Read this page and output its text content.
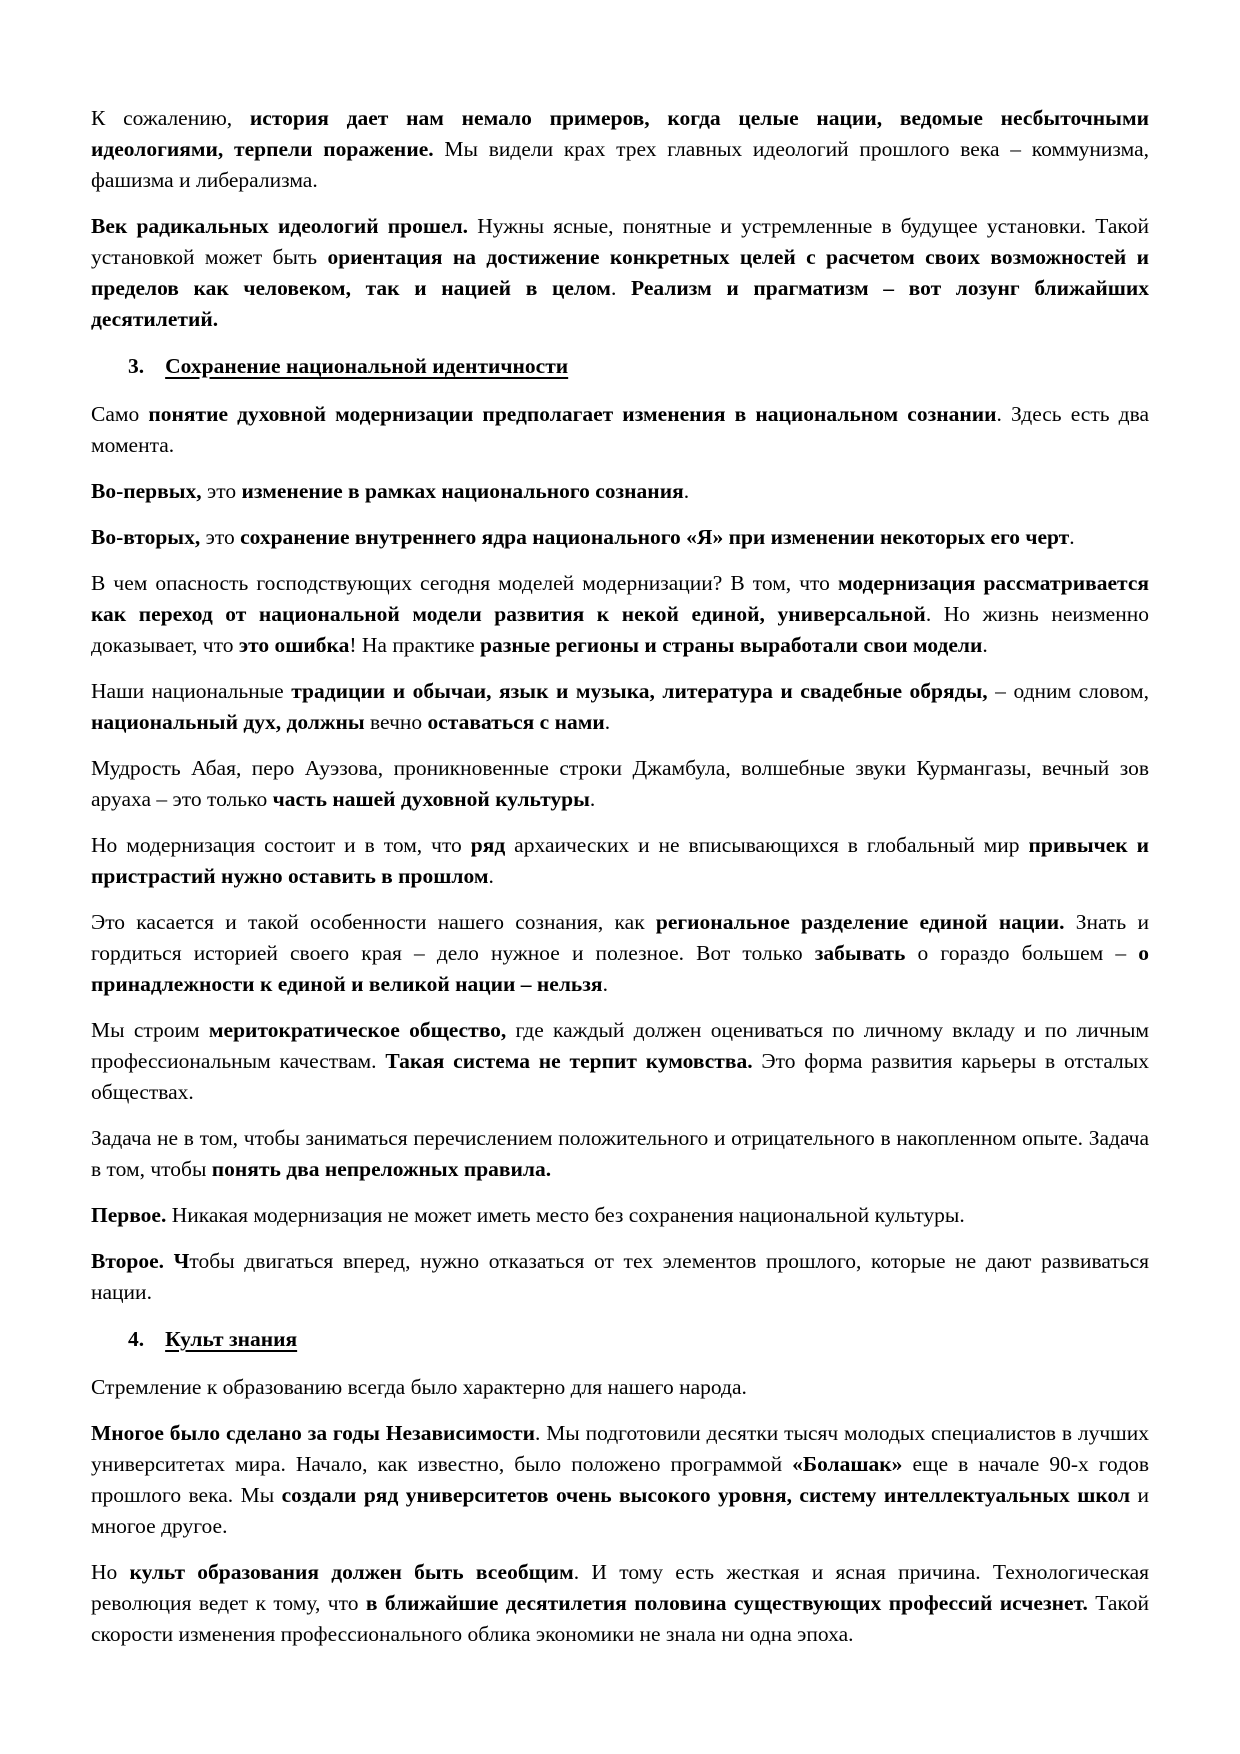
К сожалению, история дает нам немало примеров, когда целые нации, ведомые несбыточными идеологиями, терпели поражение. Мы видели крах трех главных идеологий прошлого века – коммунизма, фашизма и либерализма.

Век радикальных идеологий прошел. Нужны ясные, понятные и устремленные в будущее установки. Такой установкой может быть ориентация на достижение конкретных целей с расчетом своих возможностей и пределов как человеком, так и нацией в целом. Реализм и прагматизм – вот лозунг ближайших десятилетий.

3. Сохранение национальной идентичности

Само понятие духовной модернизации предполагает изменения в национальном сознании. Здесь есть два момента.

Во-первых, это изменение в рамках национального сознания.

Во-вторых, это сохранение внутреннего ядра национального «Я» при изменении некоторых его черт.

В чем опасность господствующих сегодня моделей модернизации? В том, что модернизация рассматривается как переход от национальной модели развития к некой единой, универсальной. Но жизнь неизменно доказывает, что это ошибка! На практике разные регионы и страны выработали свои модели.

Наши национальные традиции и обычаи, язык и музыка, литература и свадебные обряды, – одним словом, национальный дух, должны вечно оставаться с нами.

Мудрость Абая, перо Ауэзова, проникновенные строки Джамбула, волшебные звуки Курмангазы, вечный зов аруаха – это только часть нашей духовной культуры.

Но модернизация состоит и в том, что ряд архаических и не вписывающихся в глобальный мир привычек и пристрастий нужно оставить в прошлом.

Это касается и такой особенности нашего сознания, как региональное разделение единой нации. Знать и гордиться историей своего края – дело нужное и полезное. Вот только забывать о гораздо большем – о принадлежности к единой и великой нации – нельзя.

Мы строим меритократическое общество, где каждый должен оцениваться по личному вкладу и по личным профессиональным качествам. Такая система не терпит кумовства. Это форма развития карьеры в отсталых обществах.

Задача не в том, чтобы заниматься перечислением положительного и отрицательного в накопленном опыте. Задача в том, чтобы понять два непреложных правила.

Первое. Никакая модернизация не может иметь место без сохранения национальной культуры.

Второе. Чтобы двигаться вперед, нужно отказаться от тех элементов прошлого, которые не дают развиваться нации.

4. Культ знания

Стремление к образованию всегда было характерно для нашего народа.

Многое было сделано за годы Независимости. Мы подготовили десятки тысяч молодых специалистов в лучших университетах мира. Начало, как известно, было положено программой «Болашак» еще в начале 90-х годов прошлого века. Мы создали ряд университетов очень высокого уровня, систему интеллектуальных школ и многое другое.

Но культ образования должен быть всеобщим. И тому есть жесткая и ясная причина. Технологическая революция ведет к тому, что в ближайшие десятилетия половина существующих профессий исчезнет. Такой скорости изменения профессионального облика экономики не знала ни одна эпоха.
